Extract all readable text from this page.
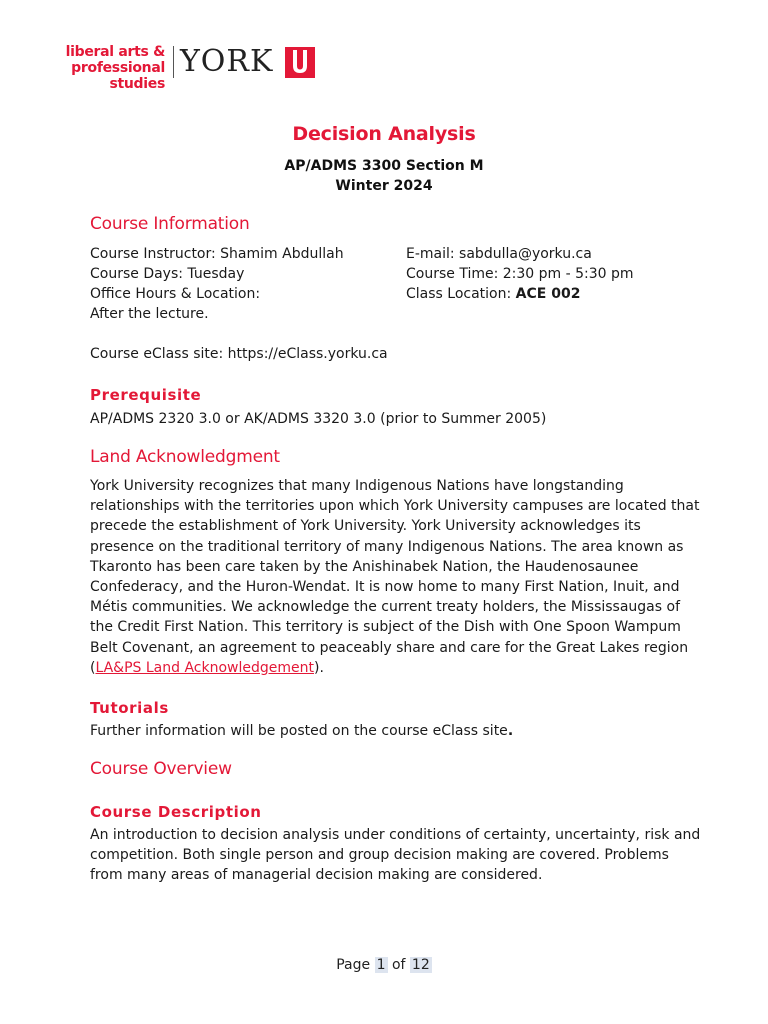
liberal arts &
professional studies
YORK	U
Decision Analysis
AP/ADMS 3300 Section M
Winter 2024
Course Information
Course Instructor: Shamim Abdullah
Course Days: Tuesday
Office Hours & Location:
After the lecture.
E-mail: sabdulla@yorku.ca
Course Time: 2:30 pm - 5:30 pm
Class Location: ACE 002
Course eClass site: https://eClass.yorku.ca
Prerequisite
AP/ADMS 2320 3.0 or AK/ADMS 3320 3.0 (prior to Summer 2005)
Land Acknowledgment
York University recognizes that many Indigenous Nations have longstanding
relationships with the territories upon which York University campuses are located that
precede the establishment of York University. York University acknowledges its
presence on the traditional territory of many Indigenous Nations. The area known as
Tkaronto has been care taken by the Anishinabek Nation, the Haudenosaunee
Confederacy, and the Huron-Wendat. It is now home to many First Nation, Inuit, and
Métis communities. We acknowledge the current treaty holders, the Mississaugas of
the Credit First Nation. This territory is subject of the Dish with One Spoon Wampum
Belt Covenant, an agreement to peaceably share and care for the Great Lakes region
(LA&PS Land Acknowledgement).
Tutorials
Further information will be posted on the course eClass site.
Course Overview
Course Description
An introduction to decision analysis under conditions of certainty, uncertainty, risk and
competition. Both single person and group decision making are covered. Problems
from many areas of managerial decision making are considered.
Page 1 of 12
